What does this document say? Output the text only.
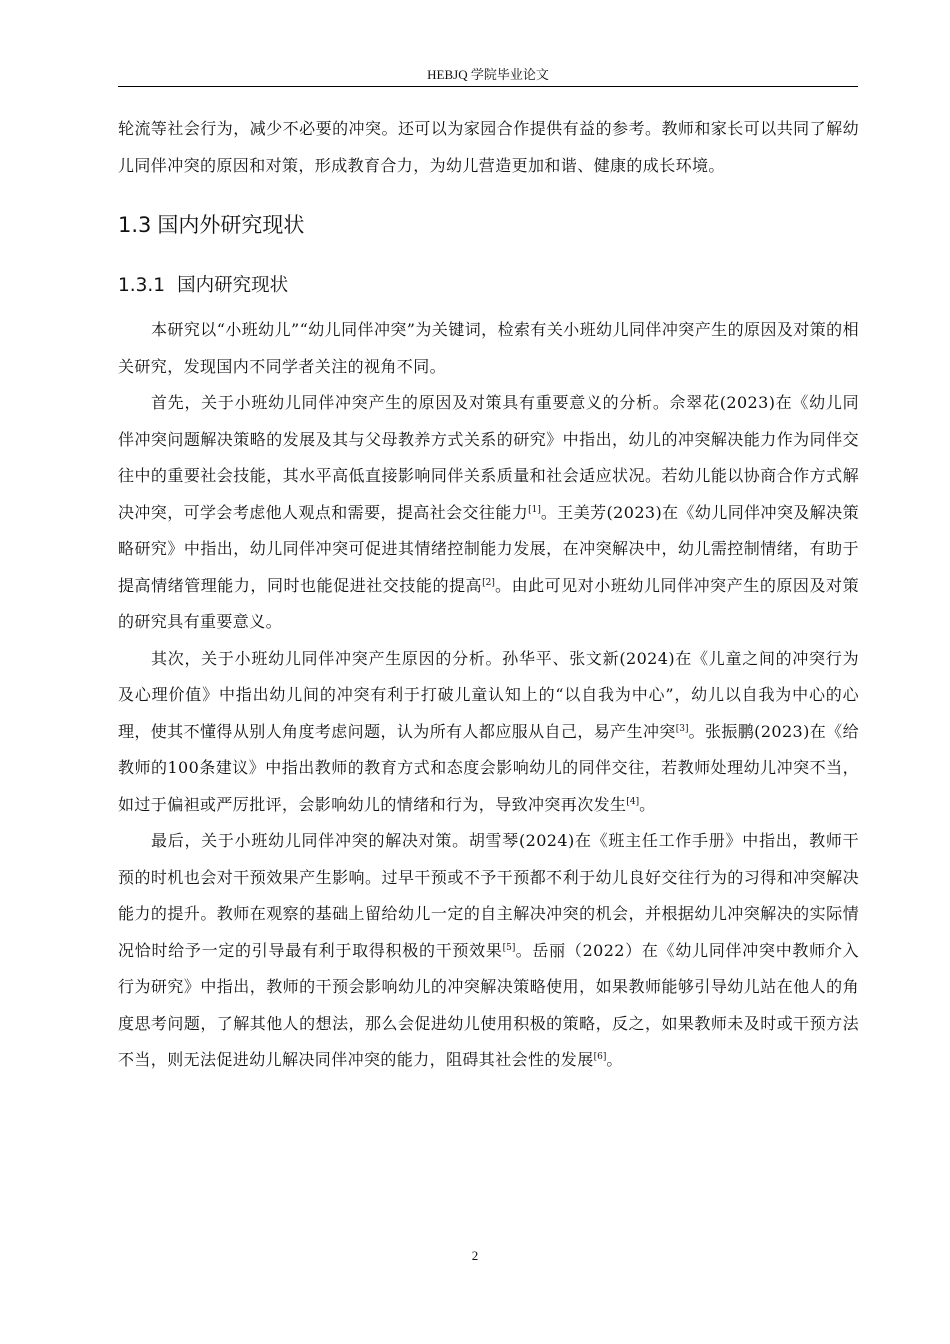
HEBJQ 学院毕业论文

轮流等社会行为，减少不必要的冲突。还可以为家园合作提供有益的参考。教师和家长可以共同了解幼儿同伴冲突的原因和对策，形成教育合力，为幼儿营造更加和谐、健康的成长环境。

1.3 国内外研究现状
1.3.1 国内研究现状

本研究以“小班幼儿”“幼儿同伴冲突”为关键词，检索有关小班幼儿同伴冲突产生的原因及对策的相关研究，发现国内不同学者关注的视角不同。

首先，关于小班幼儿同伴冲突产生的原因及对策具有重要意义的分析。佘翠花(2023)在《幼儿同伴冲突问题解决策略的发展及其与父母教养方式关系的研究》中指出，幼儿的冲突解决能力作为同伴交往中的重要社会技能，其水平高低直接影响同伴关系质量和社会适应状况。若幼儿能以协商合作方式解决冲突，可学会考虑他人观点和需要，提高社会交往能力[1]。王美芳(2023)在《幼儿同伴冲突及解决策略研究》中指出，幼儿同伴冲突可促进其情绪控制能力发展，在冲突解决中，幼儿需控制情绪，有助于提高情绪管理能力，同时也能促进社交技能的提高[2]。由此可见对小班幼儿同伴冲突产生的原因及对策的研究具有重要意义。

其次，关于小班幼儿同伴冲突产生原因的分析。孙华平、张文新(2024)在《儿童之间的冲突行为及心理价值》中指出幼儿间的冲突有利于打破儿童认知上的“以自我为中心”，幼儿以自我为中心的心理，使其不懂得从别人角度考虑问题，认为所有人都应服从自己，易产生冲突[3]。张振鹏(2023)在《给教师的100条建议》中指出教师的教育方式和态度会影响幼儿的同伴交往，若教师处理幼儿冲突不当，如过于偏袒或严厉批评，会影响幼儿的情绪和行为，导致冲突再次发生[4]。

最后，关于小班幼儿同伴冲突的解决对策。胡雪琴(2024)在《班主任工作手册》中指出，教师干预的时机也会对干预效果产生影响。过早干预或不予干预都不利于幼儿良好交往行为的习得和冲突解决能力的提升。教师在观察的基础上留给幼儿一定的自主解决冲突的机会，并根据幼儿冲突解决的实际情况恰时给予一定的引导最有利于取得积极的干预效果[5]。岳丽（2022）在《幼儿同伴冲突中教师介入行为研究》中指出，教师的干预会影响幼儿的冲突解决策略使用，如果教师能够引导幼儿站在他人的角度思考问题，了解其他人的想法，那么会促进幼儿使用积极的策略，反之，如果教师未及时或干预方法不当，则无法促进幼儿解决同伴冲突的能力，阻碍其社会性的发展[6]。

2
